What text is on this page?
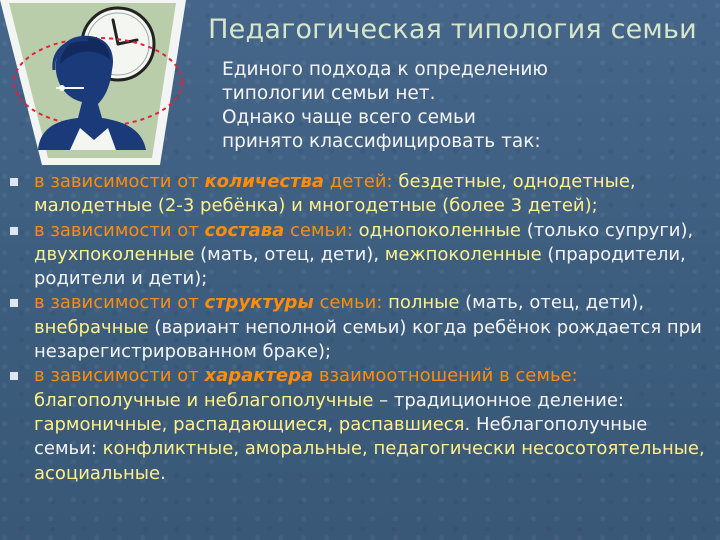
Педагогическая типология семьи
Единого подхода к определению
типологии семьи нет.
Однако чаще всего семьи
принято классифицировать так:
в зависимости от количества детей: бездетные, однодетные, малодетные (2-3 ребёнка) и многодетные (более 3 детей);
в зависимости от состава семьи: однопоколенные (только супруги), двухпоколенные (мать, отец, дети), межпоколенные (прародители, родители и дети);
в зависимости от структуры семьи: полные (мать, отец, дети), внебрачные (вариант неполной семьи) когда ребёнок рождается при незарегистрированном браке);
в зависимости от характера взаимоотношений в семье: благополучные и неблагополучные – традиционное деление: гармоничные, распадающиеся, распавшиеся. Неблагополучные семьи: конфликтные, аморальные, педагогически несосотоятельные, асоциальные.
